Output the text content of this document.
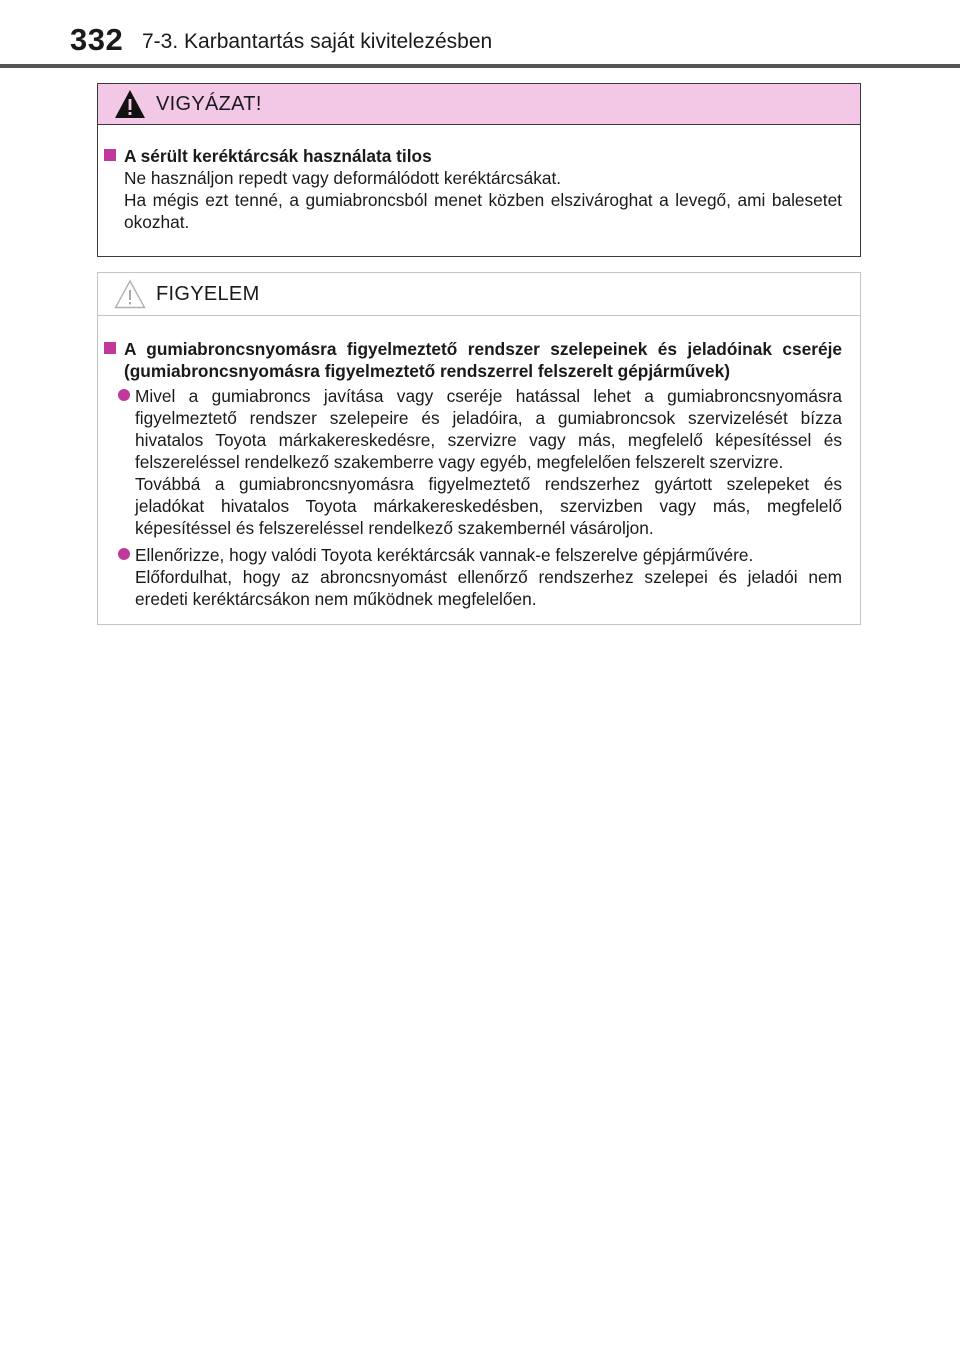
332 7-3. Karbantartás saját kivitelezésben
VIGYÁZAT!
A sérült keréktárcsák használata tilos
Ne használjon repedt vagy deformálódott keréktárcsákat.
Ha mégis ezt tenné, a gumiabroncsból menet közben elszivároghat a levegő, ami balesetet okozhat.
FIGYELEM
A gumiabroncsnyomásra figyelmeztető rendszer szelepeinek és jeladóinak cseréje (gumiabroncsnyomásra figyelmeztető rendszerrel felszerelt gépjárművek)

Mivel a gumiabroncs javítása vagy cseréje hatással lehet a gumiabroncsnyomásra figyelmeztető rendszer szelepeire és jeladóira, a gumiabroncsok szervizelését bízza hivatalos Toyota márkakereskedésre, szervizre vagy más, megfelelő képesítéssel és felszereléssel rendelkező szakemberre vagy egyéb, megfelelően felszerelt szervizre.

Továbbá a gumiabroncsnyomásra figyelmeztető rendszerhez gyártott szelepeket és jeladókat hivatalos Toyota márkakereskedésben, szervizben vagy más, megfelelő képesítéssel és felszereléssel rendelkező szakembernél vásároljon.

Ellenőrizze, hogy valódi Toyota keréktárcsák vannak-e felszerelve gépjárművére.

Előfordulhat, hogy az abroncsnyomást ellenőrző rendszerhez szelepei és jeladói nem eredeti keréktárcsákon nem működnek megfelelően.
